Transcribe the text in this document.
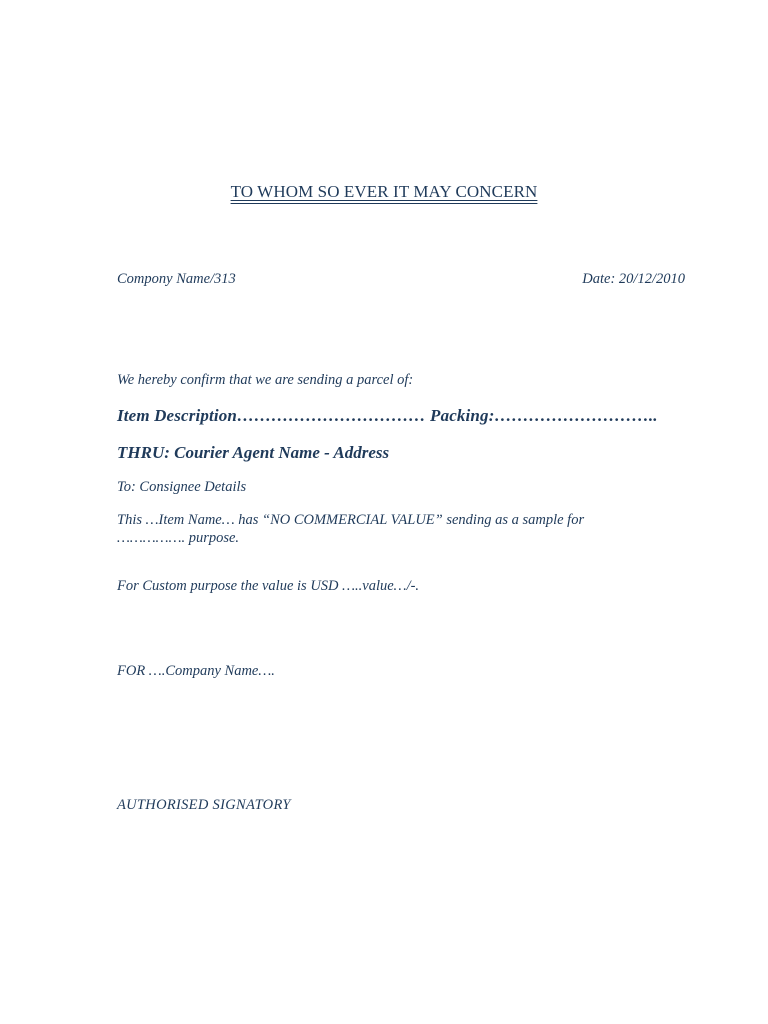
TO WHOM SO EVER IT MAY CONCERN
Compony Name/313	Date: 20/12/2010
We hereby confirm that we are sending a parcel of:
Item Description…………………………… Packing:………………………..
THRU: Courier Agent Name - Address
To: Consignee Details
This …Item Name… has “NO COMMERCIAL VALUE” sending as a sample for
……………. purpose.
For Custom purpose the value is USD …..value…/-.
FOR ….Company Name….
AUTHORISED SIGNATORY
